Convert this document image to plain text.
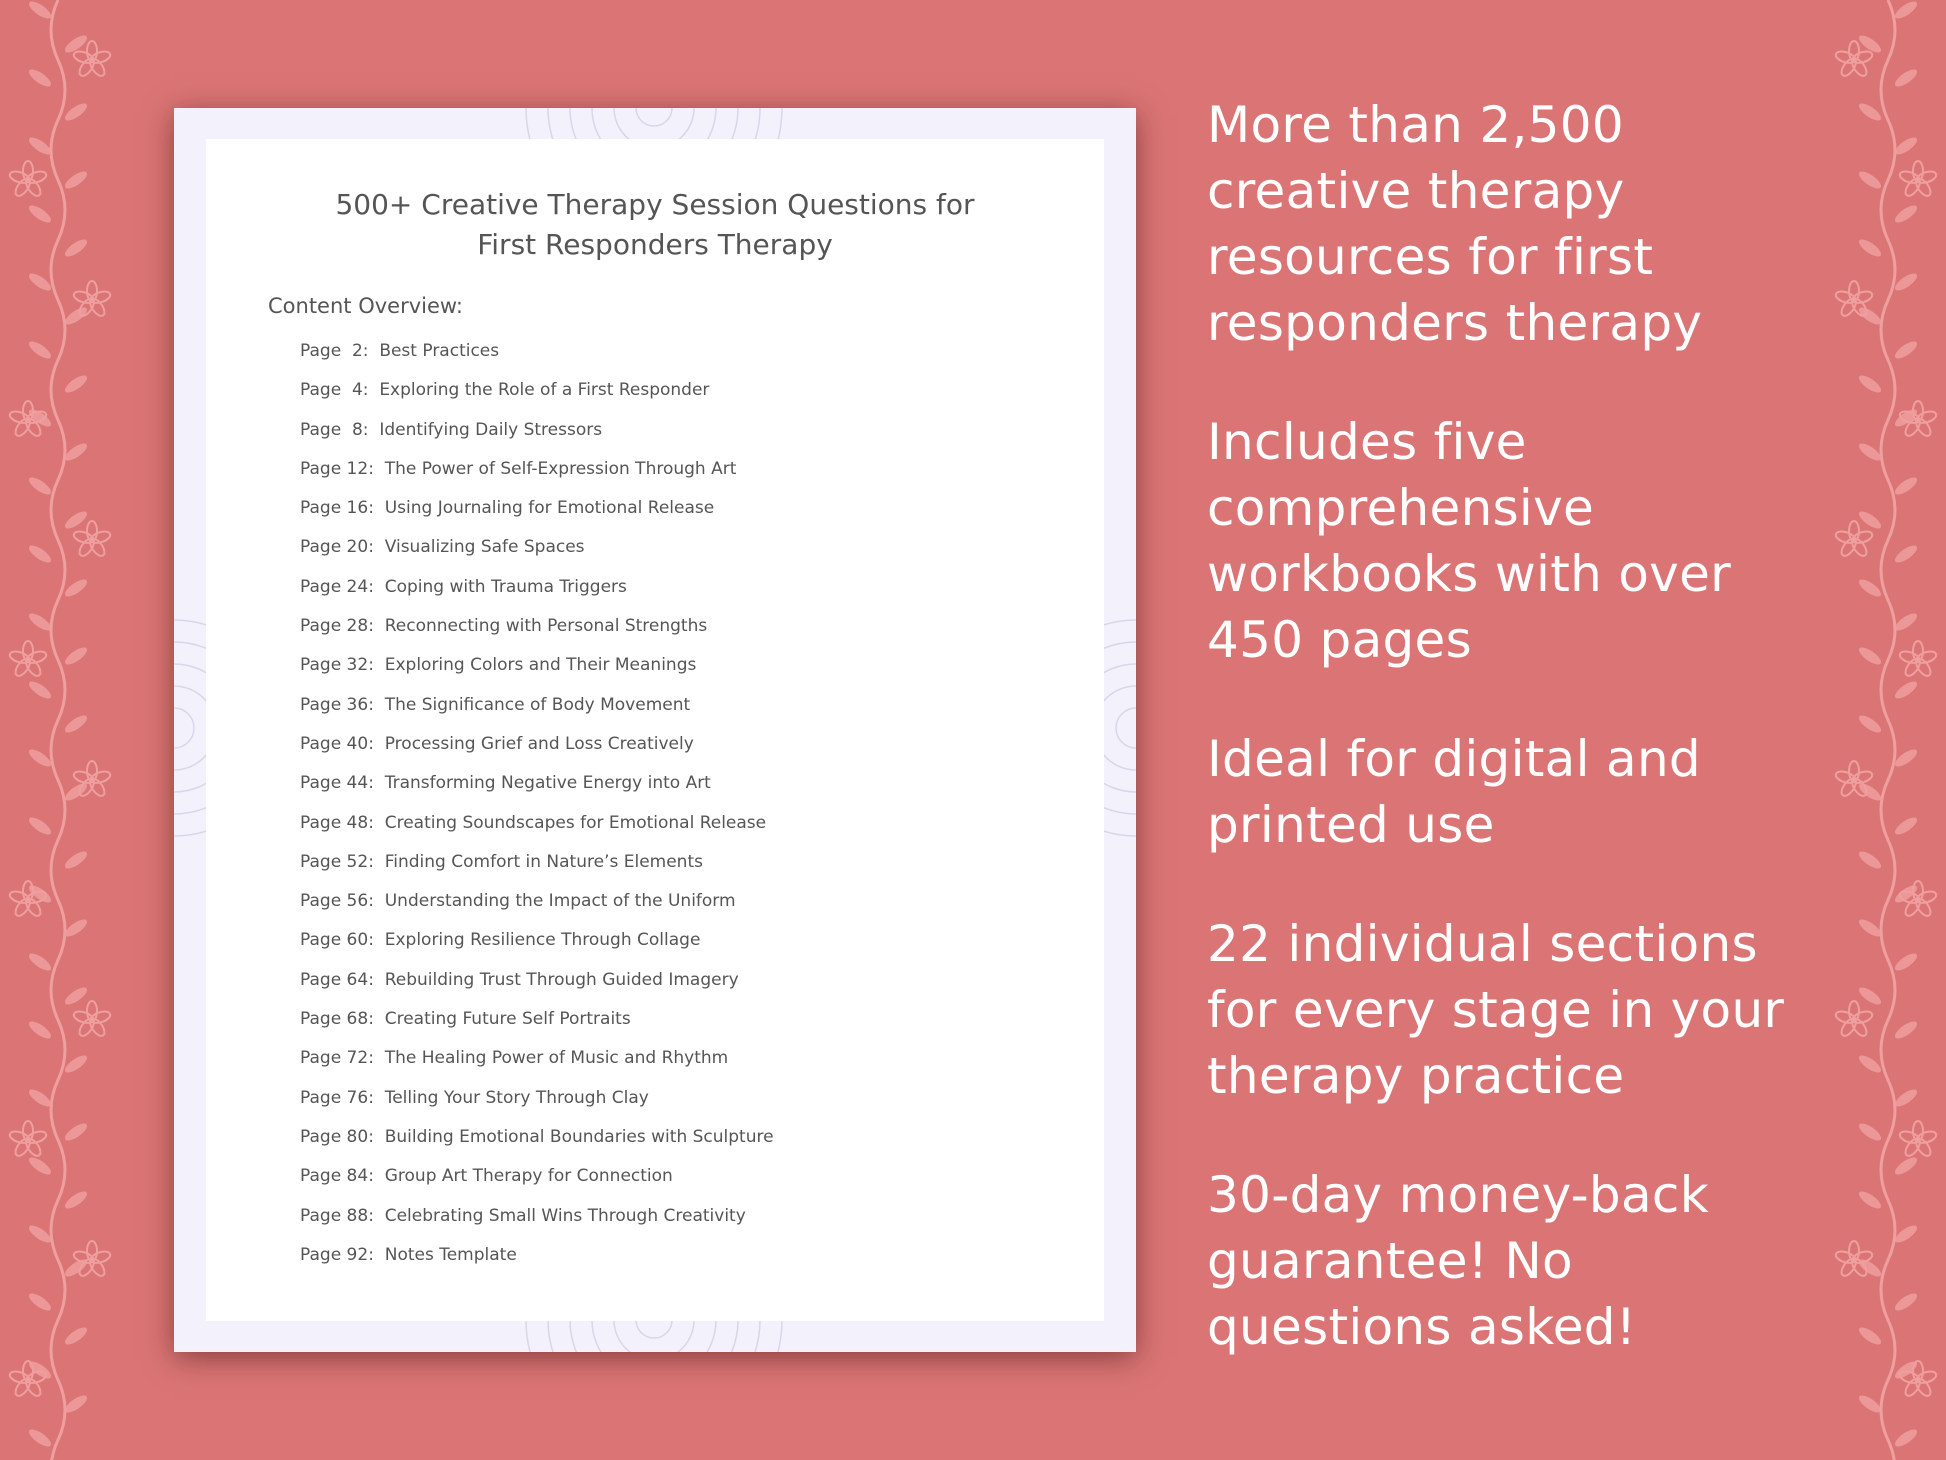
500+ Creative Therapy Session Questions for
First Responders Therapy
Content Overview:
Page  2:  Best Practices
Page  4:  Exploring the Role of a First Responder
Page  8:  Identifying Daily Stressors
Page 12:  The Power of Self-Expression Through Art
Page 16:  Using Journaling for Emotional Release
Page 20:  Visualizing Safe Spaces
Page 24:  Coping with Trauma Triggers
Page 28:  Reconnecting with Personal Strengths
Page 32:  Exploring Colors and Their Meanings
Page 36:  The Significance of Body Movement
Page 40:  Processing Grief and Loss Creatively
Page 44:  Transforming Negative Energy into Art
Page 48:  Creating Soundscapes for Emotional Release
Page 52:  Finding Comfort in Nature’s Elements
Page 56:  Understanding the Impact of the Uniform
Page 60:  Exploring Resilience Through Collage
Page 64:  Rebuilding Trust Through Guided Imagery
Page 68:  Creating Future Self Portraits
Page 72:  The Healing Power of Music and Rhythm
Page 76:  Telling Your Story Through Clay
Page 80:  Building Emotional Boundaries with Sculpture
Page 84:  Group Art Therapy for Connection
Page 88:  Celebrating Small Wins Through Creativity
Page 92:  Notes Template
More than 2,500
creative therapy
resources for first
responders therapy
Includes five
comprehensive
workbooks with over
450 pages
Ideal for digital and
printed use
22 individual sections
for every stage in your
therapy practice
30-day money-back
guarantee! No
questions asked!
